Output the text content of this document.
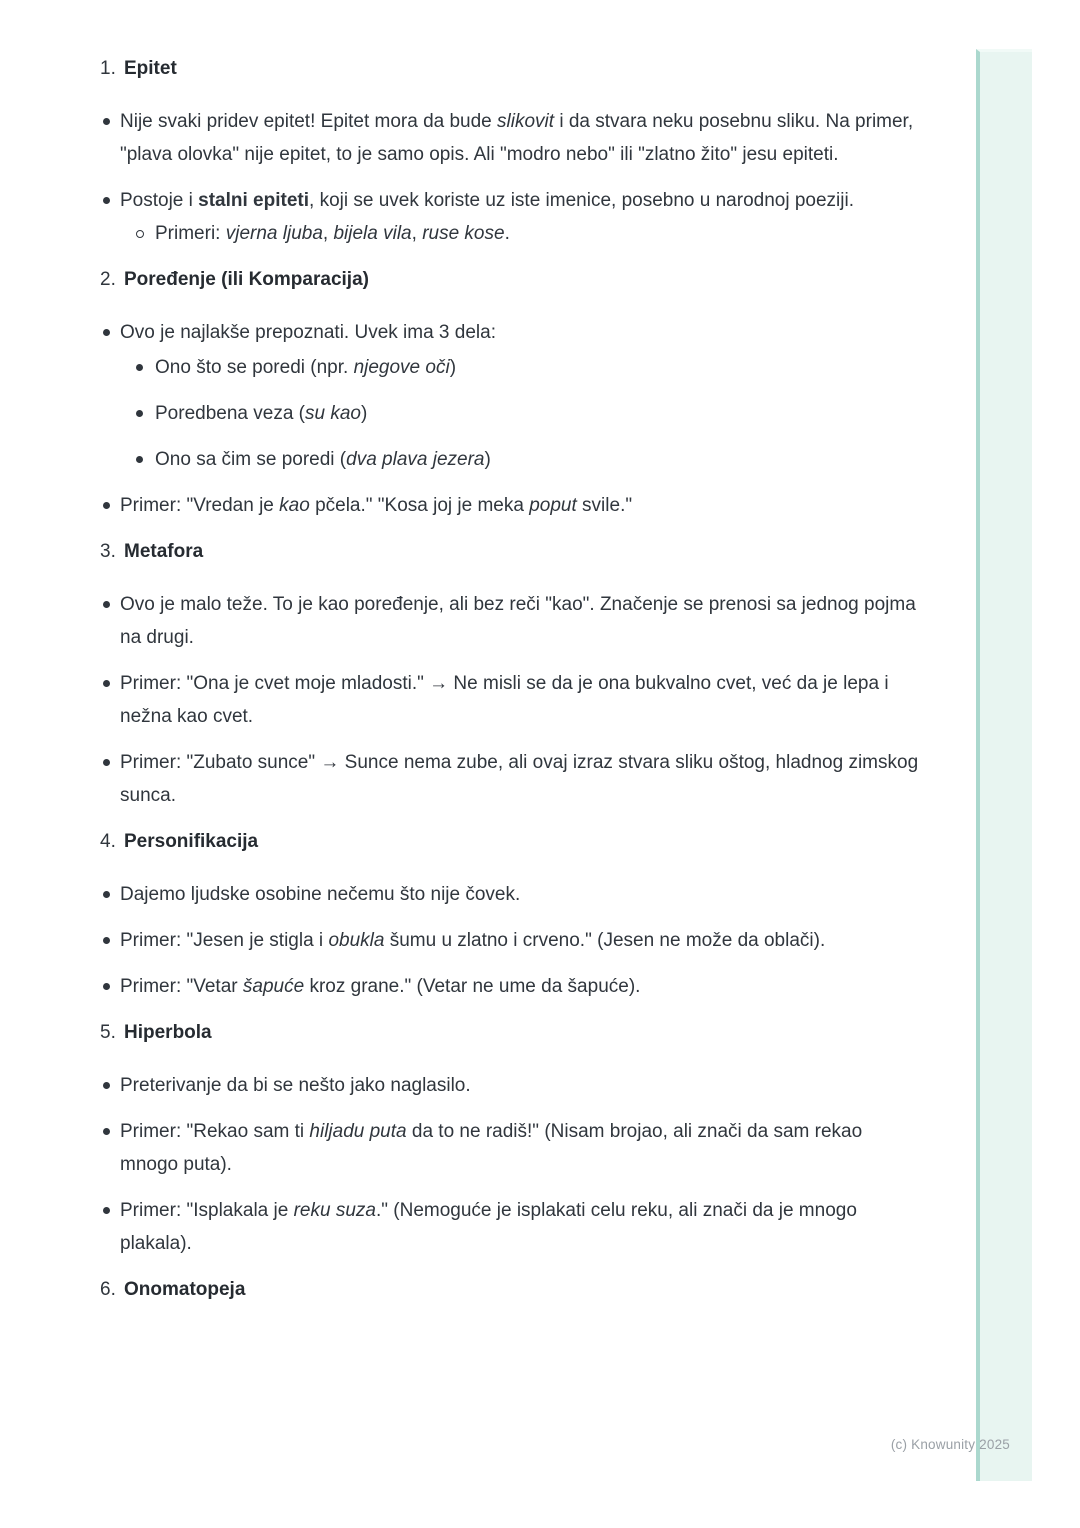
(c) Knowunity 2025
1. Epitet
Nije svaki pridev epitet! Epitet mora da bude slikovit i da stvara neku posebnu sliku. Na primer, "plava olovka" nije epitet, to je samo opis. Ali "modro nebo" ili "zlatno žito" jesu epiteti.
Postoje i stalni epiteti, koji se uvek koriste uz iste imenice, posebno u narodnoj poeziji.
Primeri: vjerna ljuba, bijela vila, ruse kose.
2. Poređenje (ili Komparacija)
Ovo je najlakše prepoznati. Uvek ima 3 dela:
Ono što se poredi (npr. njegove oči)
Poredbena veza (su kao)
Ono sa čim se poredi (dva plava jezera)
Primer: "Vredan je kao pčela." "Kosa joj je meka poput svile."
3. Metafora
Ovo je malo teže. To je kao poređenje, ali bez reči "kao". Značenje se prenosi sa jednog pojma na drugi.
Primer: "Ona je cvet moje mladosti." → Ne misli se da je ona bukvalno cvet, već da je lepa i nežna kao cvet.
Primer: "Zubato sunce" → Sunce nema zube, ali ovaj izraz stvara sliku oštog, hladnog zimskog sunca.
4. Personifikacija
Dajemo ljudske osobine nečemu što nije čovek.
Primer: "Jesen je stigla i obukla šumu u zlatno i crveno." (Jesen ne može da oblači).
Primer: "Vetar šapuće kroz grane." (Vetar ne ume da šapuće).
5. Hiperbola
Preterivanje da bi se nešto jako naglasilo.
Primer: "Rekao sam ti hiljadu puta da to ne radiš!" (Nisam brojao, ali znači da sam rekao mnogo puta).
Primer: "Isplakala je reku suza." (Nemoguće je isplakati celu reku, ali znači da je mnogo plakala).
6. Onomatopeja
